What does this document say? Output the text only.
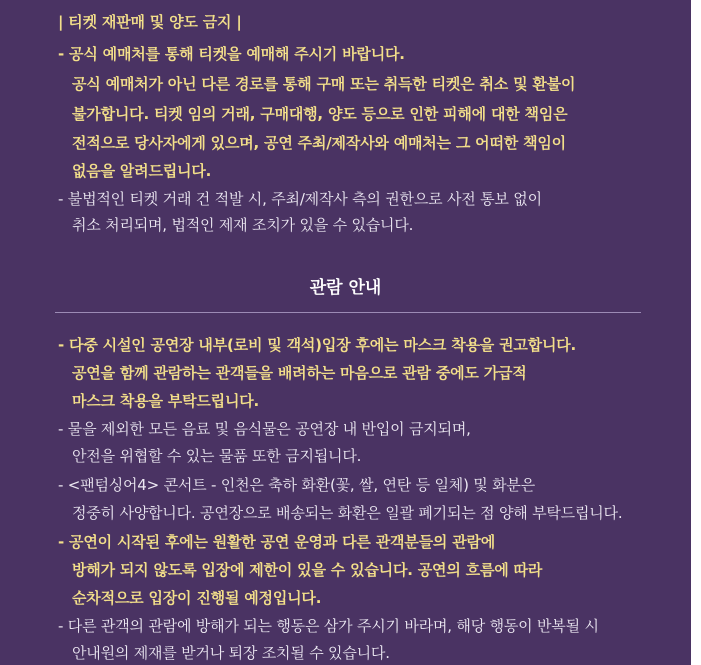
| 티켓 재판매 및 양도 금지 |
- 공식 예매처를 통해 티켓을 예매해 주시기 바랍니다.
공식 예매처가 아닌 다른 경로를 통해 구매 또는 취득한 티켓은 취소 및 환불이
불가합니다. 티켓 임의 거래, 구매대행, 양도 등으로 인한 피해에 대한 책임은
전적으로 당사자에게 있으며, 공연 주최/제작사와 예매처는 그 어떠한 책임이
없음을 알려드립니다.
- 불법적인 티켓 거래 건 적발 시, 주최/제작사 측의 권한으로 사전 통보 없이
취소 처리되며, 법적인 제재 조치가 있을 수 있습니다.
관람 안내
- 다중 시설인 공연장 내부(로비 및 객석)입장 후에는 마스크 착용을 권고합니다.
공연을 함께 관람하는 관객들을 배려하는 마음으로 관람 중에도 가급적
마스크 착용을 부탁드립니다.
- 물을 제외한 모든 음료 및 음식물은 공연장 내 반입이 금지되며,
안전을 위협할 수 있는 물품 또한 금지됩니다.
- <팬텀싱어4> 콘서트 - 인천은 축하 화환(꽃, 쌀, 연탄 등 일체) 및 화분은
정중히 사양합니다. 공연장으로 배송되는 화환은 일괄 폐기되는 점 양해 부탁드립니다.
- 공연이 시작된 후에는 원활한 공연 운영과 다른 관객분들의 관람에
방해가 되지 않도록 입장에 제한이 있을 수 있습니다. 공연의 흐름에 따라
순차적으로 입장이 진행될 예정입니다.
- 다른 관객의 관람에 방해가 되는 행동은 삼가 주시기 바라며, 해당 행동이 반복될 시
안내원의 제재를 받거나 퇴장 조치될 수 있습니다.
